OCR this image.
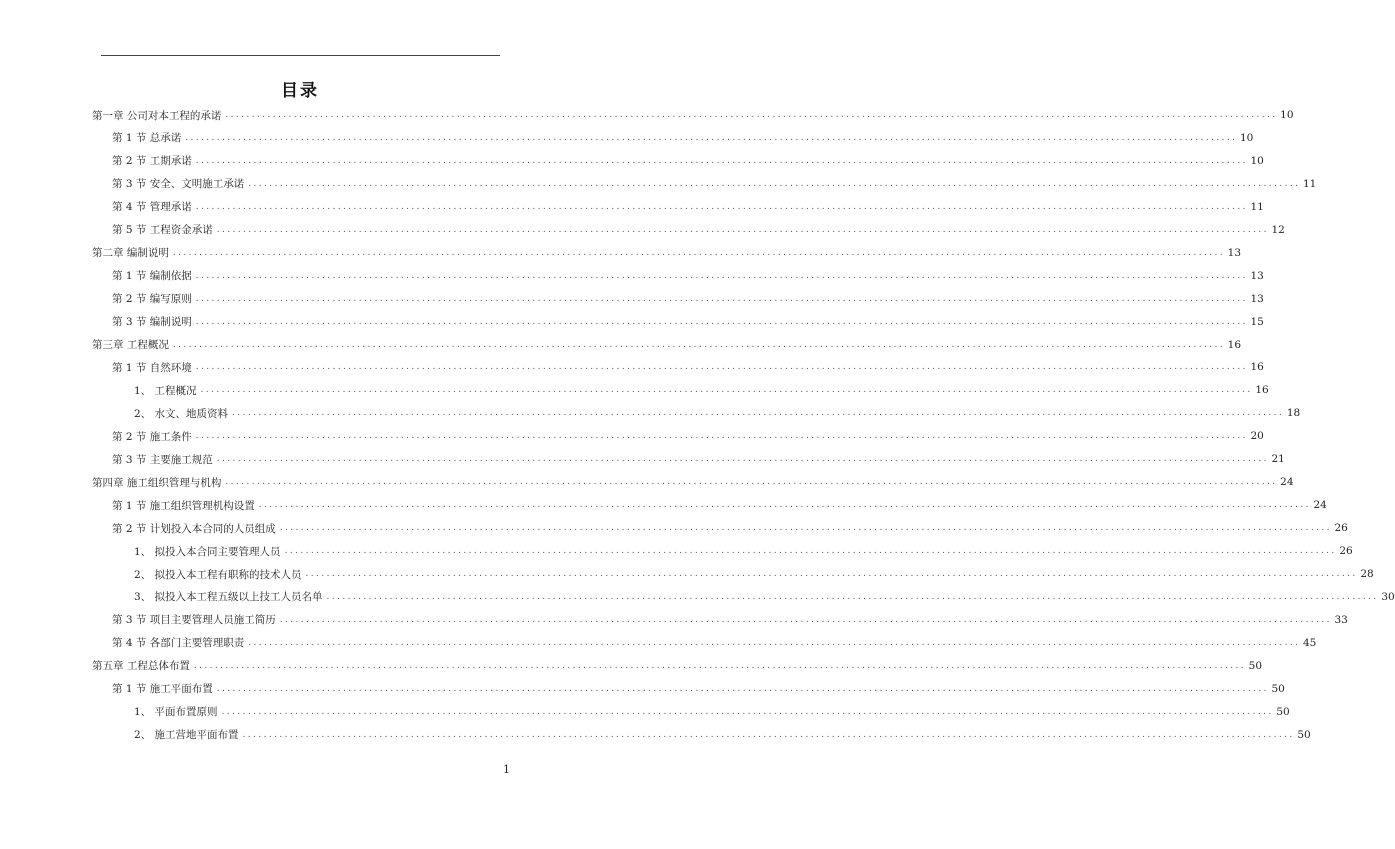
目录
第一章 公司对本工程的承诺 ........................................................................................................................................................................................................ 10
第 1 节 总承诺 ........................................................................................................................................................................................................ 10
第 2 节 工期承诺 ........................................................................................................................................................................................................ 10
第 3 节 安全、文明施工承诺 ........................................................................................................................................................................................................ 11
第 4 节 管理承诺 ........................................................................................................................................................................................................ 11
第 5 节 工程资金承诺 ........................................................................................................................................................................................................ 12
第二章 编制说明 ........................................................................................................................................................................................................ 13
第 1 节 编制依据 ........................................................................................................................................................................................................ 13
第 2 节 编写原则 ........................................................................................................................................................................................................ 13
第 3 节 编制说明 ........................................................................................................................................................................................................ 15
第三章 工程概况 ........................................................................................................................................................................................................ 16
第 1 节 自然环境 ........................................................................................................................................................................................................ 16
1、 工程概况 ........................................................................................................................................................................................................ 16
2、 水文、地质资料 ........................................................................................................................................................................................................ 18
第 2 节 施工条件 ........................................................................................................................................................................................................ 20
第 3 节 主要施工规范 ........................................................................................................................................................................................................ 21
第四章 施工组织管理与机构 ........................................................................................................................................................................................................ 24
第 1 节 施工组织管理机构设置 ........................................................................................................................................................................................................ 24
第 2 节 计划投入本合同的人员组成 ........................................................................................................................................................................................................ 26
1、 拟投入本合同主要管理人员 ........................................................................................................................................................................................................ 26
2、 拟投入本工程有职称的技术人员 ........................................................................................................................................................................................................ 28
3、 拟投入本工程五级以上技工人员名单 ........................................................................................................................................................................................................ 30
第 3 节 项目主要管理人员施工简历 ........................................................................................................................................................................................................ 33
第 4 节 各部门主要管理职责 ........................................................................................................................................................................................................ 45
第五章 工程总体布置 ........................................................................................................................................................................................................ 50
第 1 节 施工平面布置 ........................................................................................................................................................................................................ 50
1、 平面布置原则 ........................................................................................................................................................................................................ 50
2、 施工营地平面布置 ........................................................................................................................................................................................................ 50
1
